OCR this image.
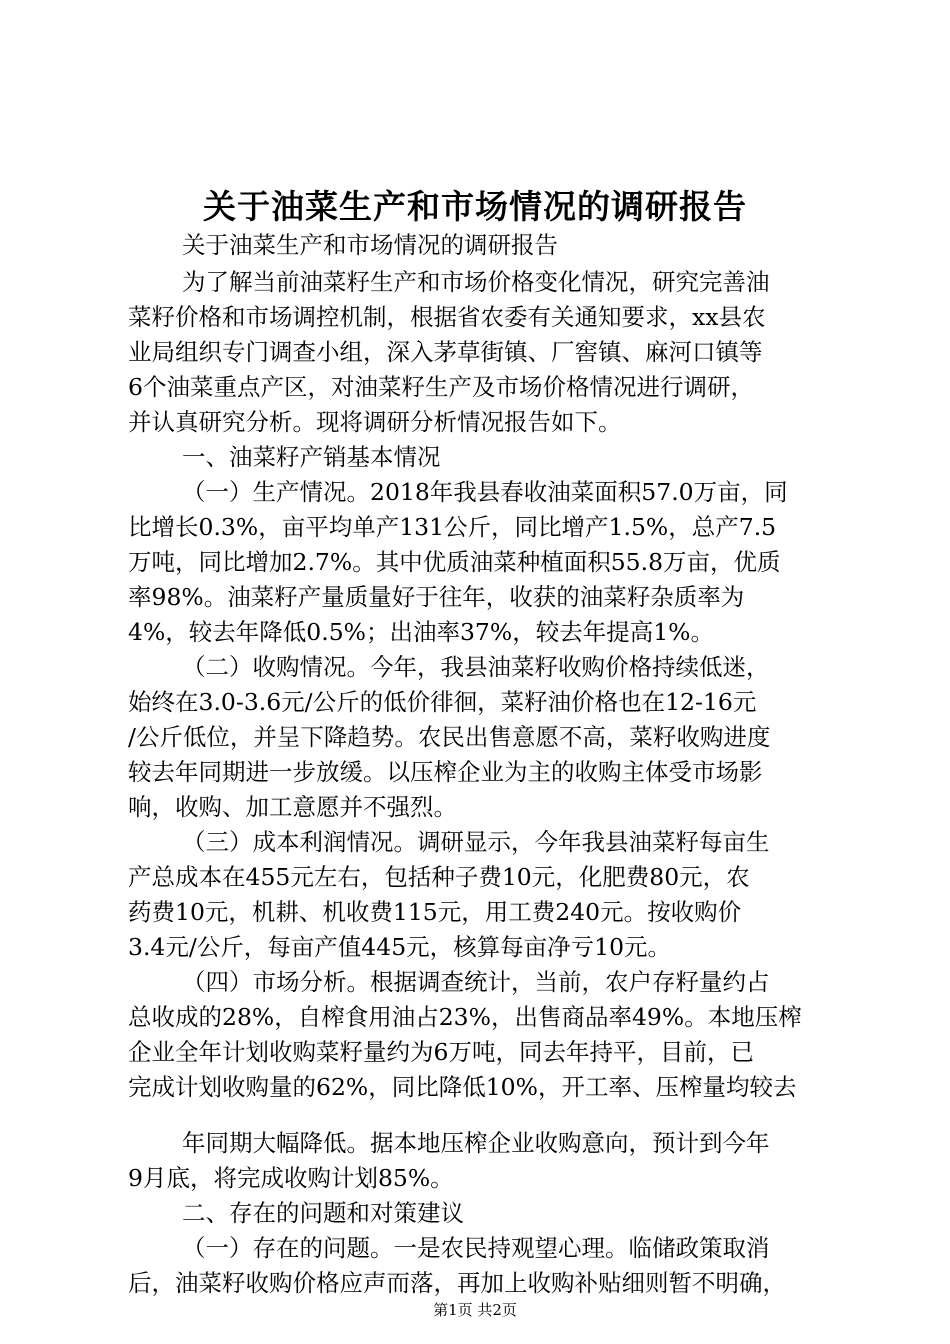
关于油菜生产和市场情况的调研报告
关于油菜生产和市场情况的调研报告
为了解当前油菜籽生产和市场价格变化情况，研究完善油
菜籽价格和市场调控机制，根据省农委有关通知要求，xx县农
业局组织专门调查小组，深入茅草街镇、厂窖镇、麻河口镇等
6个油菜重点产区，对油菜籽生产及市场价格情况进行调研，
并认真研究分析。现将调研分析情况报告如下。
一、油菜籽产销基本情况
（一）生产情况。2018年我县春收油菜面积57.0万亩，同
比增长0.3%，亩平均单产131公斤，同比增产1.5%，总产7.5
万吨，同比增加2.7%。其中优质油菜种植面积55.8万亩，优质
率98%。油菜籽产量质量好于往年，收获的油菜籽杂质率为
4%，较去年降低0.5%；出油率37%，较去年提高1%。
（二）收购情况。今年，我县油菜籽收购价格持续低迷，
始终在3.0-3.6元/公斤的低价徘徊，菜籽油价格也在12-16元
/公斤低位，并呈下降趋势。农民出售意愿不高，菜籽收购进度
较去年同期进一步放缓。以压榨企业为主的收购主体受市场影
响，收购、加工意愿并不强烈。
（三）成本利润情况。调研显示，今年我县油菜籽每亩生
产总成本在455元左右，包括种子费10元，化肥费80元，农
药费10元，机耕、机收费115元，用工费240元。按收购价
3.4元/公斤，每亩产值445元，核算每亩净亏10元。
（四）市场分析。根据调查统计，当前，农户存籽量约占
总收成的28%，自榨食用油占23%，出售商品率49%。本地压榨
企业全年计划收购菜籽量约为6万吨，同去年持平，目前，已
完成计划收购量的62%，同比降低10%，开工率、压榨量均较去
年同期大幅降低。据本地压榨企业收购意向，预计到今年
9月底，将完成收购计划85%。
二、存在的问题和对策建议
（一）存在的问题。一是农民持观望心理。临储政策取消
后，油菜籽收购价格应声而落，再加上收购补贴细则暂不明确，
第1页 共2页
